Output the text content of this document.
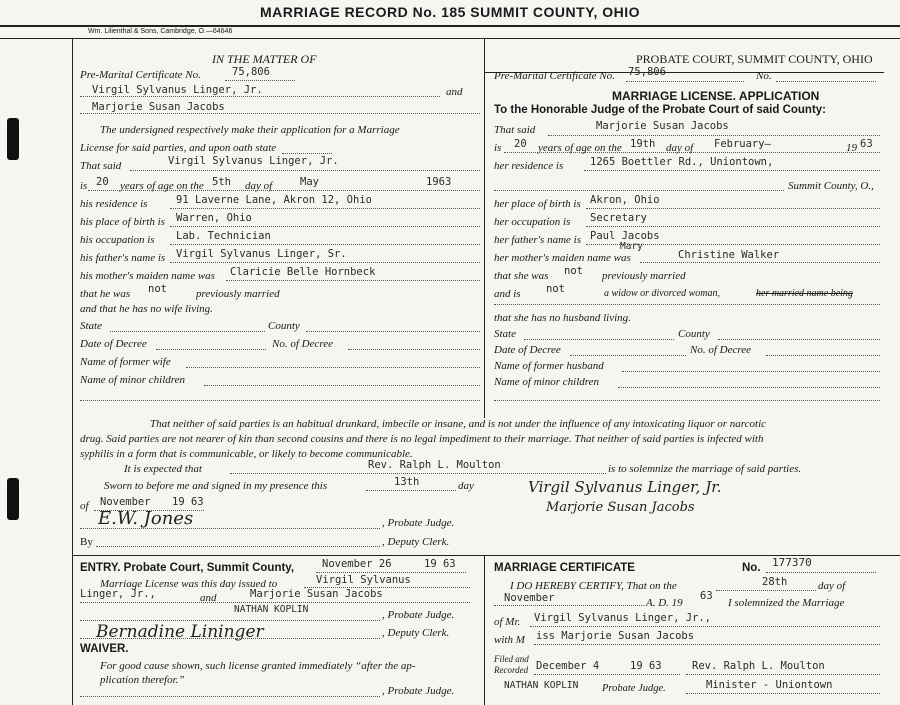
MARRIAGE RECORD No. 185 SUMMIT COUNTY, OHIO
Wm. Lilienthal & Sons, Cambridge, O.—64646
IN THE MATTER OF
Pre-Marital Certificate No.	75,806
Virgil Sylvanus Linger, Jr.	and
Marjorie Susan Jacobs
The undersigned respectively make their application for a Marriage
License for said parties, and upon oath state
That said	Virgil Sylvanus Linger, Jr.
is 20 years of age on the 5th day of	May	1963
his residence is	91 Laverne Lane, Akron 12, Ohio
his place of birth is Warren, Ohio
his occupation is Lab. Technician
his father's name is Virgil Sylvanus Linger, Sr.
his mother's maiden name was Claricie Belle Hornbeck
that he was not	previously married
and that he has no wife living.
State	County
Date of Decree	No. of Decree
Name of former wife
Name of minor children
PROBATE COURT, SUMMIT COUNTY, OHIO
Pre-Marital Certificate No. 75,806	No.
MARRIAGE LICENSE. APPLICATION
To the Honorable Judge of the Probate Court of said County:
That said	Marjorie Susan Jacobs
is 20 years of age on the 19th day of February—	19 63
her residence is	1265 Boettler Rd., Uniontown,
Summit County, O.,
her place of birth is Akron, Ohio
her occupation is Secretary
her father's name is Paul Jacobs
her mother's maiden name was
Mary
Christine Walker
that she was not previously married
and is not	a widow or divorced woman,	her married name being
that she has no husband living.
State	County
Date of Decree	No. of Decree
Name of former husband
Name of minor children
That neither of said parties is an habitual drunkard, imbecile or insane, and is not under the influence of any intoxicating liquor or narcotic
drug. Said parties are not nearer of kin than second cousins and there is no legal impediment to their marriage. That neither of said parties is infected with
syphilis in a form that is communicable, or likely to become communicable.
It is expected that	Rev. Ralph L. Moulton	is to solemnize the marriage of said parties.
Sworn to before me and signed in my presence this	13th	day
of November 19 63
E.W. Jones	, Probate Judge.
By	, Deputy Clerk.
Virgil Sylvanus Linger, Jr.
Marjorie Susan Jacobs
ENTRY. Probate Court, Summit County,	November 26	19 63
Marriage License was this day issued to	Virgil Sylvanus
Linger, Jr.,	and	Marjorie Susan Jacobs
NATHAN KOPLIN	, Probate Judge.
Bernadine Lininger	, Deputy Clerk.
WAIVER.
For good cause shown, such license granted immediately “after the ap-
plication therefor.”
, Probate Judge.
MARRIAGE CERTIFICATE	No. 177370
I DO HEREBY CERTIFY, That on the	28th	day of
November	A. D. 19
63
I solemnized the Marriage
of Mr. Virgil Sylvanus Linger, Jr.,
with M iss Marjorie Susan Jacobs
Filed and
Recorded December 4	19 63	Rev. Ralph L. Moulton
NATHAN KOPLIN Probate Judge.	Minister - Uniontown
